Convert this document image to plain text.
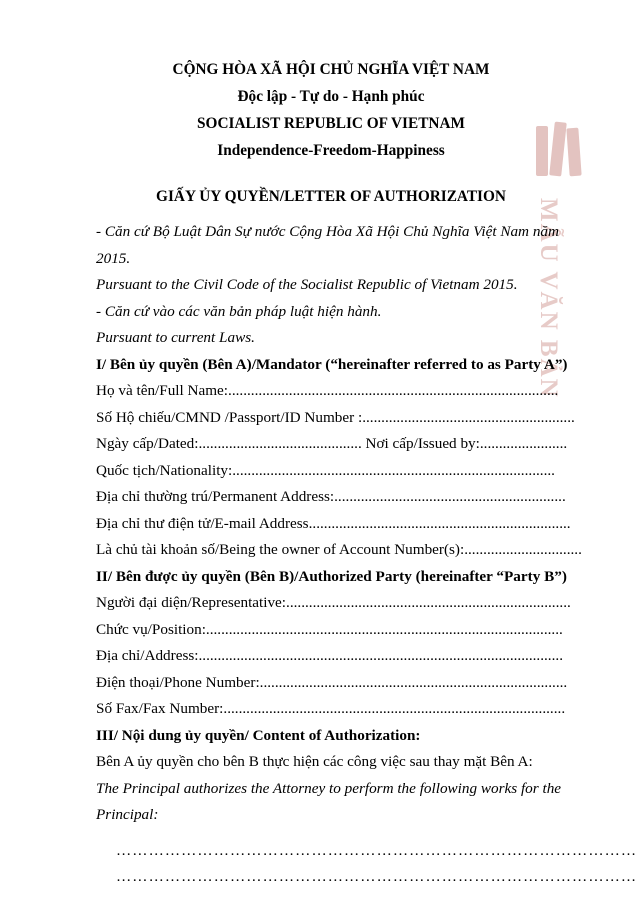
MẪU VĂN BẢN
CỘNG HÒA XÃ HỘI CHỦ NGHĨA VIỆT NAM
Độc lập - Tự do - Hạnh phúc
SOCIALIST REPUBLIC OF VIETNAM
Independence-Freedom-Happiness
GIẤY ỦY QUYỀN/LETTER OF AUTHORIZATION
- Căn cứ Bộ Luật Dân Sự nước Cộng Hòa Xã Hội Chủ Nghĩa Việt Nam năm
2015.
Pursuant to the Civil Code of the Socialist Republic of Vietnam 2015.
- Căn cứ vào các văn bản pháp luật hiện hành.
Pursuant to current Laws.
I/ Bên ủy quyền (Bên A)/Mandator (“hereinafter referred to as Party A”)
Họ và tên/Full Name:.......................................................................................
Số Hộ chiếu/CMND /Passport/ID Number :........................................................
Ngày cấp/Dated:........................................... Nơi cấp/Issued by:.......................
Quốc tịch/Nationality:.....................................................................................
Địa chỉ thường trú/Permanent Address:.............................................................
Địa chỉ thư điện tử/E-mail Address.....................................................................
Là chủ tài khoản số/Being the owner of Account Number(s):...............................
II/ Bên được ủy quyền (Bên B)/Authorized Party (hereinafter “Party B”)
Người đại diện/Representative:...........................................................................
Chức vụ/Position:..............................................................................................
Địa chỉ/Address:................................................................................................
Điện thoại/Phone Number:.................................................................................
Số Fax/Fax Number:..........................................................................................
III/ Nội dung ủy quyền/ Content of Authorization:
Bên A ủy quyền cho bên B thực hiện các công việc sau thay mặt Bên A:
The Principal authorizes the Attorney to perform the following works for the
Principal:
……………………………………………………………………………………
……………………………………………………………………………………
